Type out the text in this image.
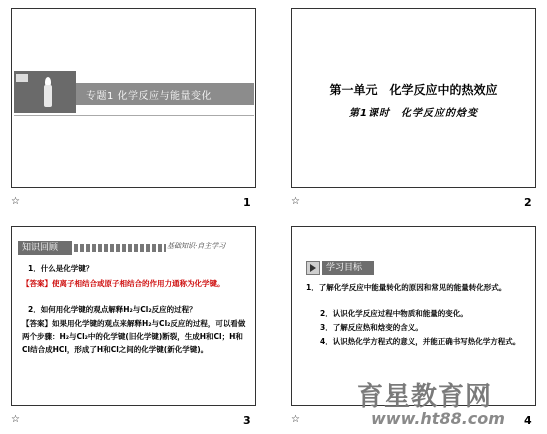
专题1 化学反应与能量变化
☆	1
第一单元　化学反应中的热效应
第1课时　化学反应的焓变
☆	2
知识回顾	基础知识·自主学习
1．什么是化学键？
【答案】使离子相结合或原子相结合的作用力通称为化学键。
2．如何用化学键的观点解释H₂与Cl₂反应的过程？
【答案】如果用化学键的观点来解释H₂与Cl₂反应的过程，可以看做两个步骤：H₂与Cl₂中的化学键(旧化学键)断裂，生成H和Cl；H和Cl结合成HCl，形成了H和Cl之间的化学键(新化学键)。
☆	3
学习目标
1．了解化学反应中能量转化的原因和常见的能量转化形式。
2．认识化学反应过程中物质和能量的变化。
3．了解反应热和焓变的含义。
4．认识热化学方程式的意义，并能正确书写热化学方程式。
☆	4
育星教育网
www.ht88.com
